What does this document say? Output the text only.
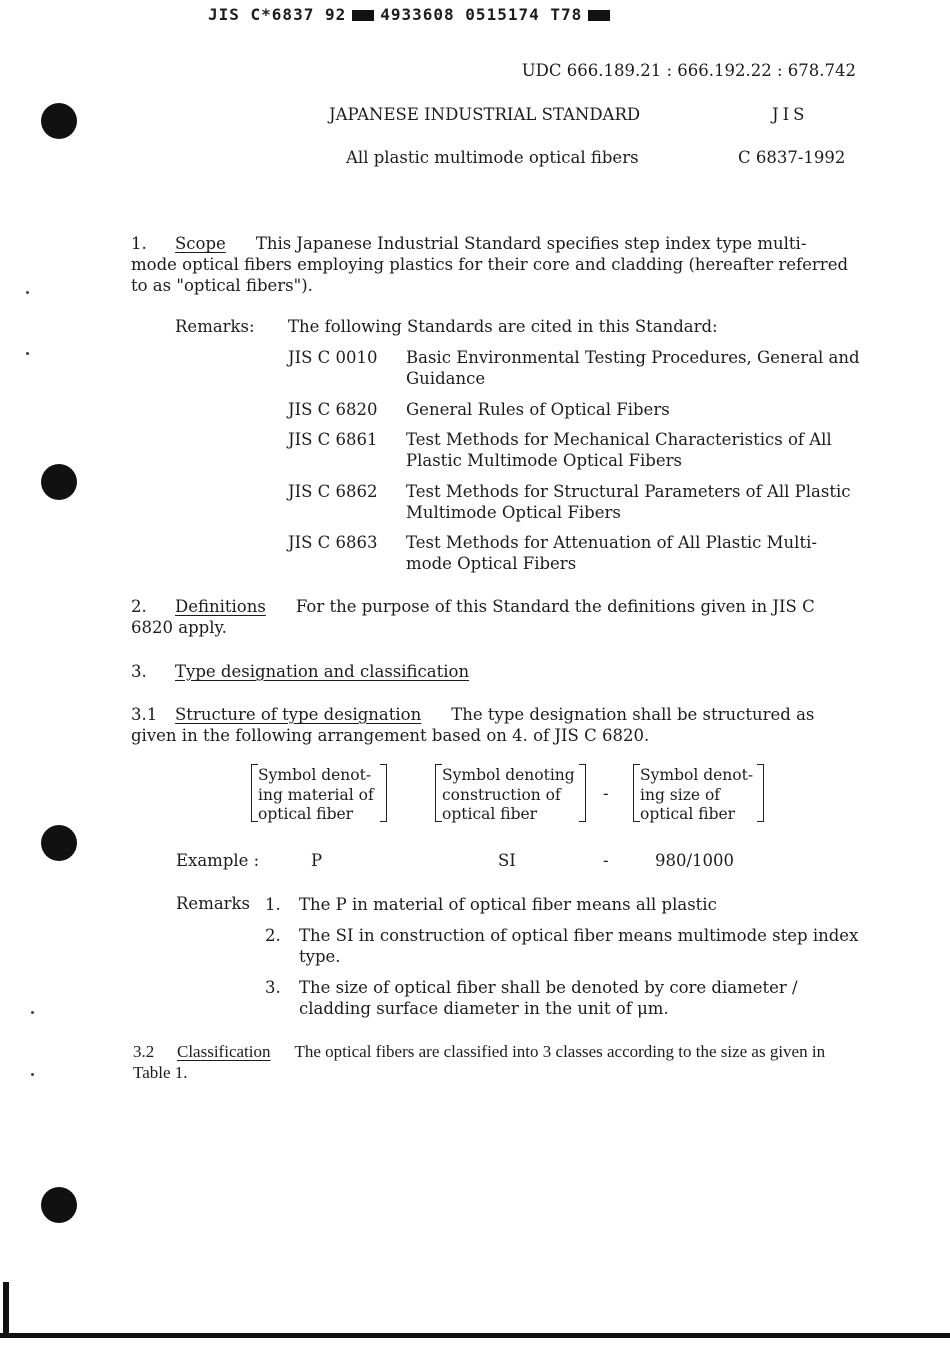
JIS C*6837 92 4933608 0515174 T78
UDC 666.189.21 : 666.192.22 : 678.742
JAPANESE INDUSTRIAL STANDARD	JIS
All plastic multimode optical fibers	C 6837-1992
1. Scope This Japanese Industrial Standard specifies step index type multi-mode optical fibers employing plastics for their core and cladding (hereafter referred to as "optical fibers").
Remarks: The following Standards are cited in this Standard:
JIS C 0010 Basic Environmental Testing Procedures, General and Guidance
JIS C 6820 General Rules of Optical Fibers
JIS C 6861 Test Methods for Mechanical Characteristics of All Plastic Multimode Optical Fibers
JIS C 6862 Test Methods for Structural Parameters of All Plastic Multimode Optical Fibers
JIS C 6863 Test Methods for Attenuation of All Plastic Multi-mode Optical Fibers
2. Definitions For the purpose of this Standard the definitions given in JIS C 6820 apply.
3. Type designation and classification
3.1 Structure of type designation The type designation shall be structured as given in the following arrangement based on 4. of JIS C 6820.
Symbol denot- ing material of optical fiber
Symbol denoting construction of optical fiber
-
Symbol denot- ing size of optical fiber
Example :	P	SI	-	980/1000
Remarks 1. The P in material of optical fiber means all plastic
2. The SI in construction of optical fiber means multimode step index type.
3. The size of optical fiber shall be denoted by core diameter / cladding surface diameter in the unit of μm.
3.2 Classification The optical fibers are classified into 3 classes according to the size as given in Table 1.
